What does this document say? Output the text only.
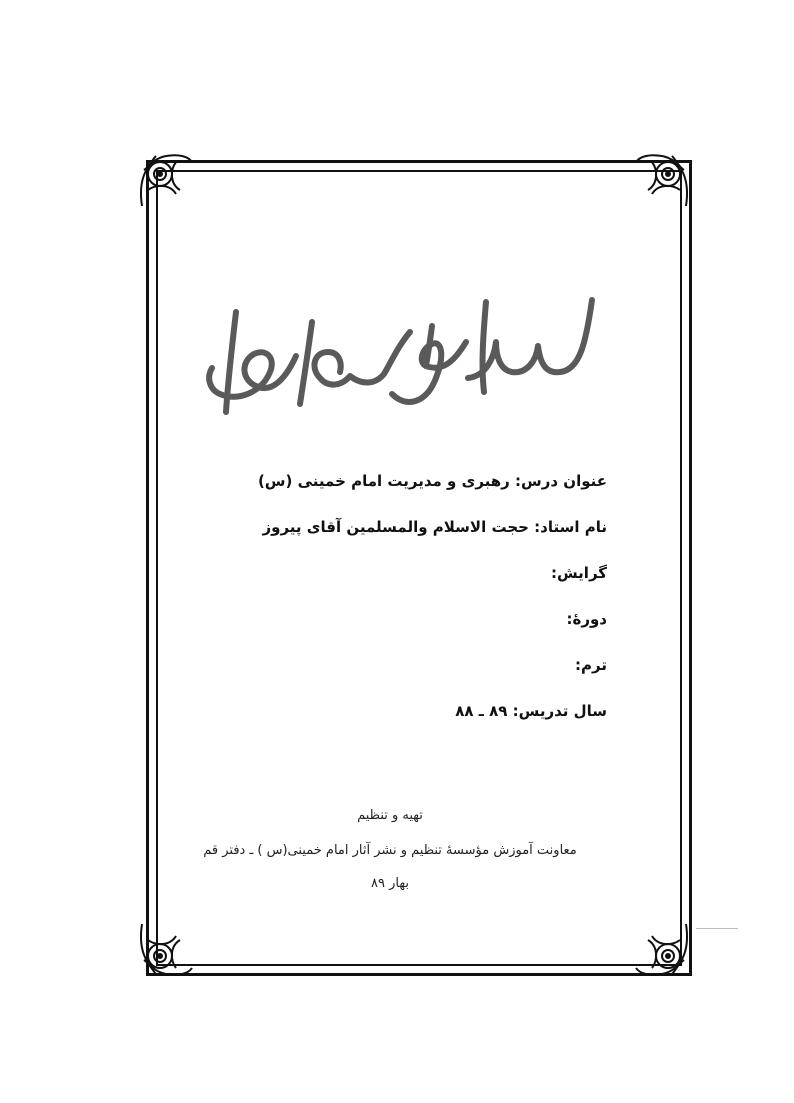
عنوان درس: رهبری و مدیریت امام خمینی (س)
نام استاد: حجت الاسلام والمسلمین آقای پیروز
گرایش:
دورۀ:
ترم:
سال تدریس: ۸۹ ـ ۸۸
تهیه و تنظیم
معاونت آموزش مؤسسۀ تنظیم و نشر آثار امام خمینی(س ) ـ دفتر قم
بهار ۸۹
